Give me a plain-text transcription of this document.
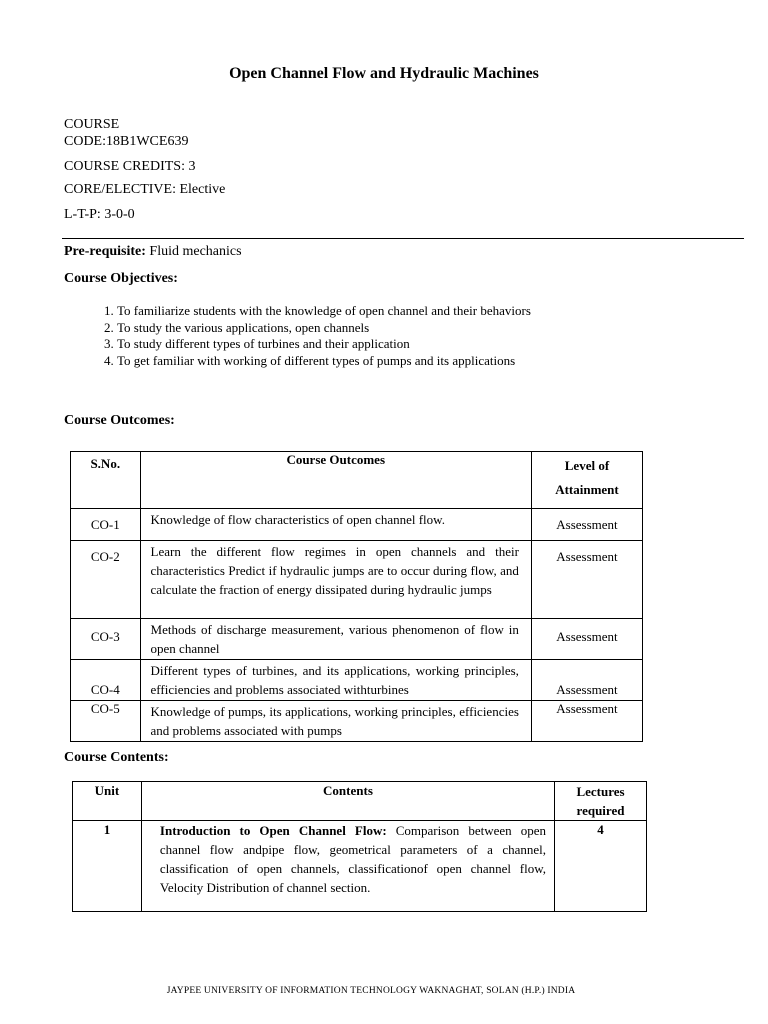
Open Channel Flow and Hydraulic Machines
COURSE
CODE:18B1WCE639
COURSE CREDITS: 3
CORE/ELECTIVE: Elective
L-T-P: 3-0-0
Pre-requisite: Fluid mechanics
Course Objectives:
1. To familiarize students with the knowledge of open channel and their behaviors
2. To study the various applications, open channels
3. To study different types of turbines and their application
4. To get familiar with working of different types of pumps and its applications
Course Outcomes:
S.No.	Course Outcomes	Level of
Attainment

CO-1	Knowledge of flow characteristics of open channel flow.	Assessment
CO-2	Learn the different flow regimes in open channels and their characteristics Predict if hydraulic jumps are to occur during flow, and calculate the fraction of energy dissipated during hydraulic jumps	Assessment
CO-3	Methods of discharge measurement, various phenomenon of flow in open channel	Assessment
CO-4	Different types of turbines, and its applications, working principles, efficiencies and problems associated withturbines	Assessment
CO-5	Knowledge of pumps, its applications, working principles, efficiencies and problems associated with pumps	Assessment
Course Contents:
Unit	Contents	Lectures
required

1	Introduction to Open Channel Flow: Comparison between open channel flow andpipe flow, geometrical parameters of a channel, classification of open channels, classificationof open channel flow, Velocity Distribution of channel section.	4
JAYPEE UNIVERSITY OF INFORMATION TECHNOLOGY WAKNAGHAT, SOLAN (H.P.) INDIA
